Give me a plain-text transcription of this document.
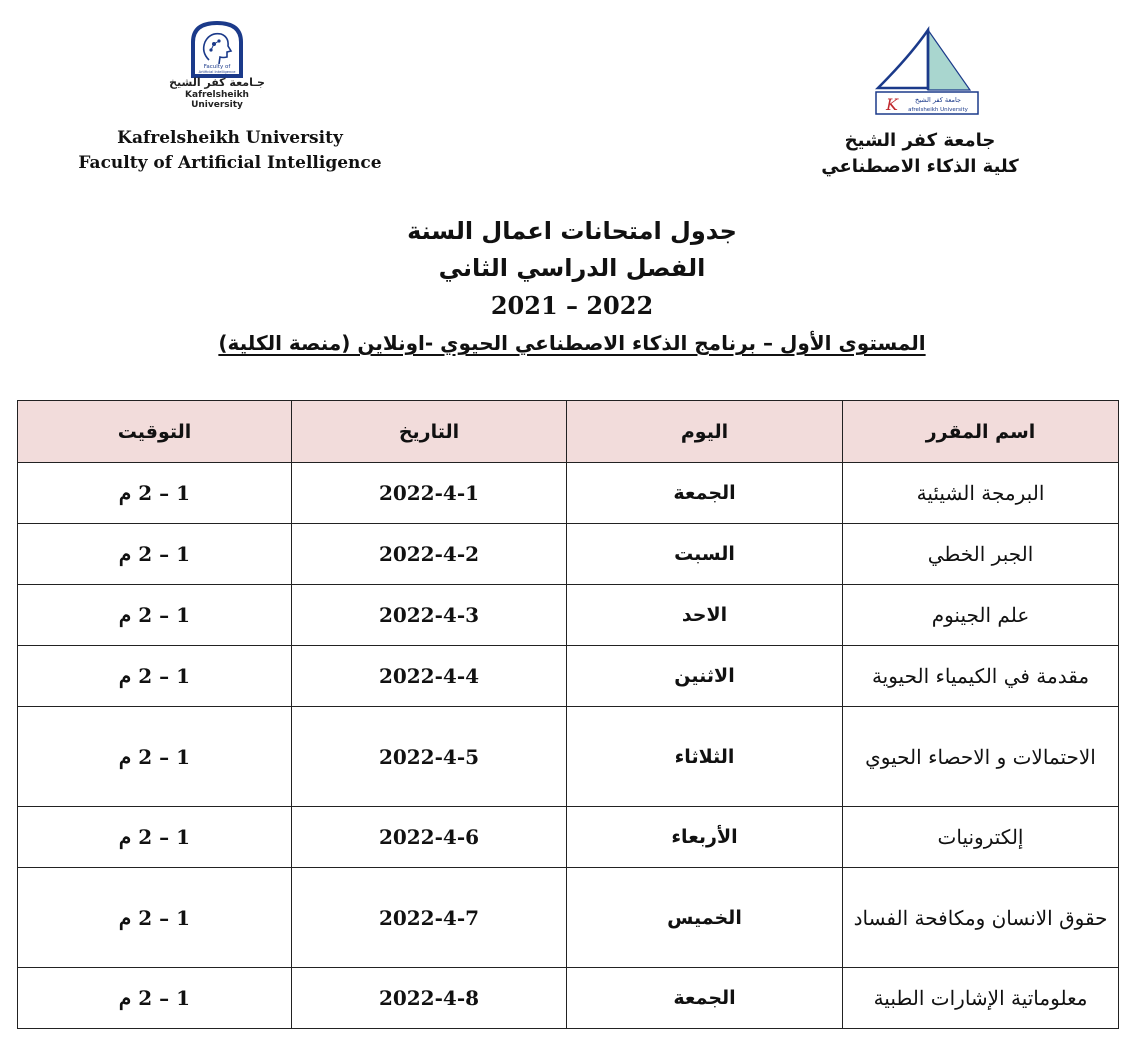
Faculty of
Artificial Intelligence
جـامعة كفر الشيخ
Kafrelsheikh University	K	جامعة كفر الشيخ
afrelsheikh University
Kafrelsheikh University
Faculty of Artificial Intelligence
جامعة كفر الشيخ
كلية الذكاء الاصطناعي
جدول امتحانات اعمال السنة
الفصل الدراسي الثاني
2021 – 2022
المستوى الأول – برنامج الذكاء الاصطناعي الحيوي -اونلاين (منصة الكلية)
اسم المقرر	اليوم	التاريخ	التوقيت
البرمجة الشيئية	الجمعة	2022-4-1	1 – 2 م
الجبر الخطي	السبت	2022-4-2	1 – 2 م
علم الجينوم	الاحد	2022-4-3	1 – 2 م
مقدمة في الكيمياء الحيوية	الاثنين	2022-4-4	1 – 2 م
الاحتمالات و الاحصاء الحيوي	الثلاثاء	2022-4-5	1 – 2 م
إلكترونيات	الأربعاء	2022-4-6	1 – 2 م
حقوق الانسان ومكافحة الفساد	الخميس	2022-4-7	1 – 2 م
معلوماتية الإشارات الطبية	الجمعة	2022-4-8	1 – 2 م
